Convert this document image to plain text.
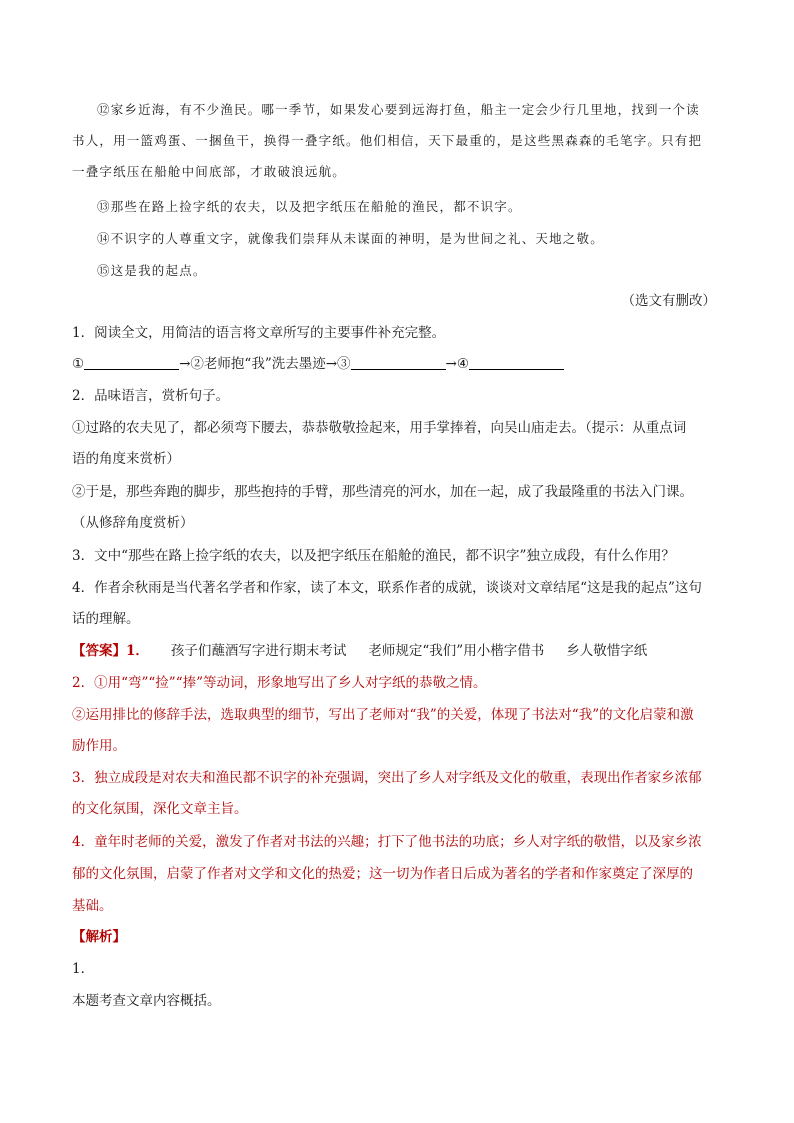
⑫家乡近海，有不少渔民。哪一季节，如果发心要到远海打鱼，船主一定会少行几里地，找到一个读

书人，用一篮鸡蛋、一捆鱼干，换得一叠字纸。他们相信，天下最重的，是这些黑森森的毛笔字。只有把

一叠字纸压在船舱中间底部，才敢破浪远航。

⑬那些在路上捡字纸的农夫，以及把字纸压在船舱的渔民，都不识字。

⑭不识字的人尊重文字，就像我们崇拜从未谋面的神明，是为世间之礼、天地之敬。

⑮这是我的起点。

（选文有删改）

1．阅读全文，用简洁的语言将文章所写的主要事件补充完整。

①	→②老师抱“我”洗去墨迹→③	→④

2．品味语言，赏析句子。

①过路的农夫见了，都必须弯下腰去，恭恭敬敬捡起来，用手掌捧着，向吴山庙走去。（提示：从重点词

语的角度来赏析）

②于是，那些奔跑的脚步，那些抱持的手臂，那些清亮的河水，加在一起，成了我最隆重的书法入门课。

（从修辞角度赏析）

3．文中“那些在路上捡字纸的农夫，以及把字纸压在船舱的渔民，都不识字”独立成段，有什么作用？

4．作者余秋雨是当代著名学者和作家，读了本文，联系作者的成就，谈谈对文章结尾“这是我的起点”这句

话的理解。

【答案】1． 孩子们蘸酒写字进行期末考试 老师规定“我们”用小楷字借书 乡人敬惜字纸

2．①用“弯”“捡”“捧”等动词，形象地写出了乡人对字纸的恭敬之情。

②运用排比的修辞手法，选取典型的细节，写出了老师对“我”的关爱，体现了书法对“我”的文化启蒙和激

励作用。

3．独立成段是对农夫和渔民都不识字的补充强调，突出了乡人对字纸及文化的敬重，表现出作者家乡浓郁

的文化氛围，深化文章主旨。

4．童年时老师的关爱，激发了作者对书法的兴趣；打下了他书法的功底；乡人对字纸的敬惜，以及家乡浓

郁的文化氛围，启蒙了作者对文学和文化的热爱；这一切为作者日后成为著名的学者和作家奠定了深厚的

基础。

【解析】

1．

本题考查文章内容概括。
